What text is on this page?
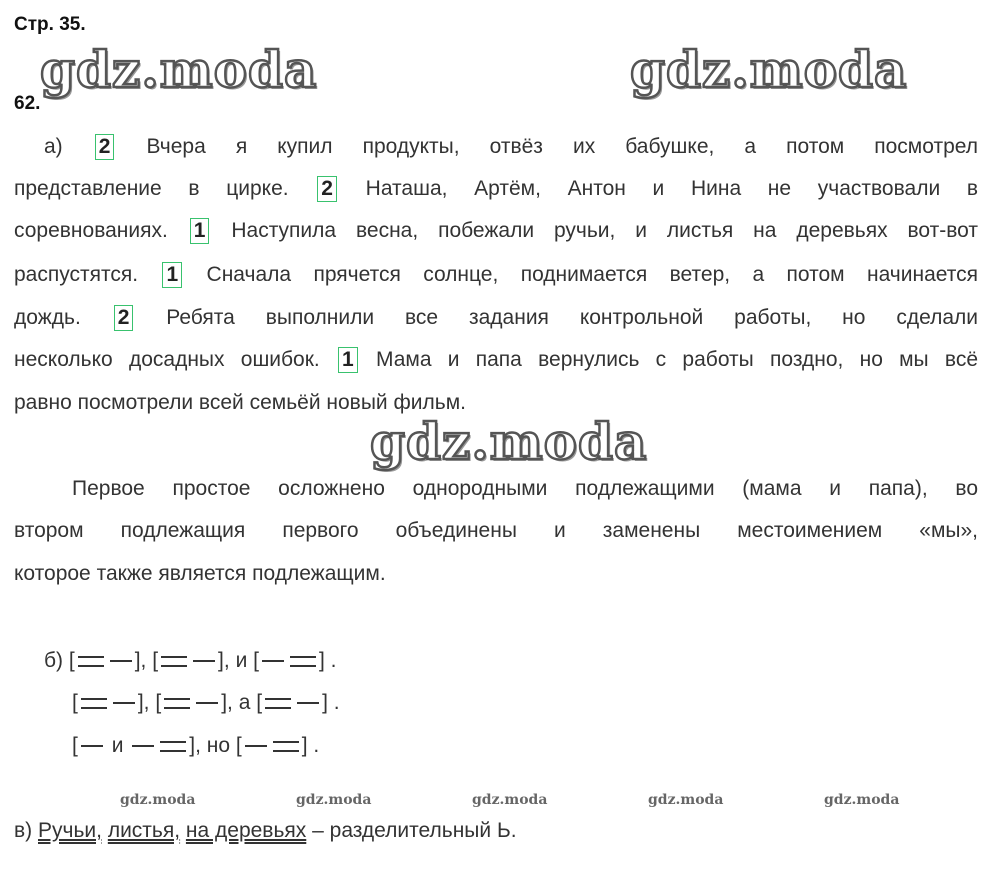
Стр. 35.
62.
gdz.moda	gdz.moda
gdz.moda
а) 2 Вчера я купил продукты, отвёз их бабушке, а потом посмотрел
представление в цирке. 2 Наташа, Артём, Антон и Нина не участвовали в
соревнованиях. 1 Наступила весна, побежали ручьи, и листья на деревьях вот-вот
распустятся. 1 Сначала прячется солнце, поднимается ветер, а потом начинается
дождь. 2 Ребята выполнили все задания контрольной работы, но сделали
несколько досадных ошибок. 1 Мама и папа вернулись с работы поздно, но мы всё
равно посмотрели всей семьёй новый фильм.
Первое простое осложнено однородными подлежащими (мама и папа), во
втором подлежащия первого объединены и заменены местоимением «мы»,
которое также является подлежащим.
б) [	], [	], и [	] .
[	], [	], а [	] .
[ и	], но [	] .
gdz.moda	gdz.moda	gdz.moda	gdz.moda	gdz.moda
в) Ручьи, листья, на деревьях – разделительный Ь.
